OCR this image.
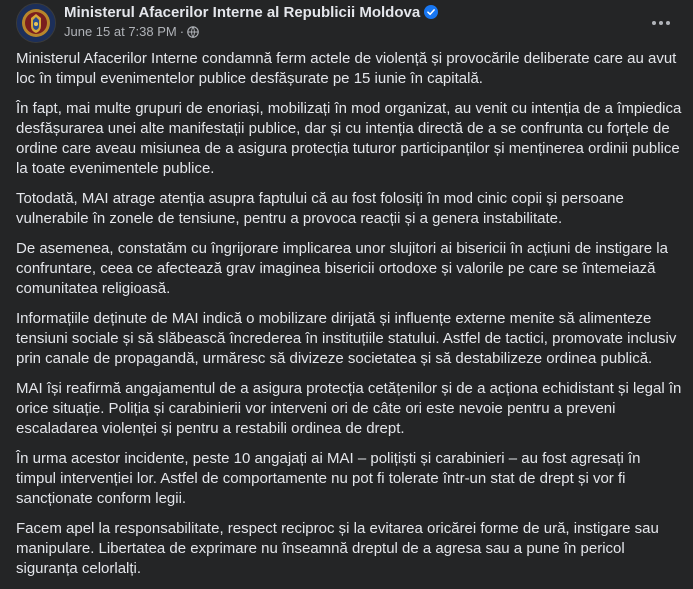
Ministerul Afacerilor Interne al Republicii Moldova
June 15 at 7:38 PM ·

Ministerul Afacerilor Interne condamnă ferm actele de violență și provocările deliberate care au avut loc în timpul evenimentelor publice desfășurate pe 15 iunie în capitală.

În fapt, mai multe grupuri de enoriași, mobilizați în mod organizat, au venit cu intenția de a împiedica desfășurarea unei alte manifestații publice, dar și cu intenția directă de a se confrunta cu forțele de ordine care aveau misiunea de a asigura protecția tuturor participanților și menținerea ordinii publice la toate evenimentele publice.

Totodată, MAI atrage atenția asupra faptului că au fost folosiți în mod cinic copii și persoane vulnerabile în zonele de tensiune, pentru a provoca reacții și a genera instabilitate.

De asemenea, constatăm cu îngrijorare implicarea unor slujitori ai bisericii în acțiuni de instigare la confruntare, ceea ce afectează grav imaginea bisericii ortodoxe și valorile pe care se întemeiază comunitatea religioasă.

Informațiile deținute de MAI indică o mobilizare dirijată și influențe externe menite să alimenteze tensiuni sociale și să slăbească încrederea în instituțiile statului. Astfel de tactici, promovate inclusiv prin canale de propagandă, urmăresc să divizeze societatea și să destabilizeze ordinea publică.

MAI își reafirmă angajamentul de a asigura protecția cetățenilor și de a acționa echidistant și legal în orice situație. Poliția și carabinierii vor interveni ori de câte ori este nevoie pentru a preveni escaladarea violenței și pentru a restabili ordinea de drept.

În urma acestor incidente, peste 10 angajați ai MAI – polițiști și carabinieri – au fost agresați în timpul intervenției lor. Astfel de comportamente nu pot fi tolerate într-un stat de drept și vor fi sancționate conform legii.

Facem apel la responsabilitate, respect reciproc și la evitarea oricărei forme de ură, instigare sau manipulare. Libertatea de exprimare nu înseamnă dreptul de a agresa sau a pune în pericol siguranța celorlalți.
